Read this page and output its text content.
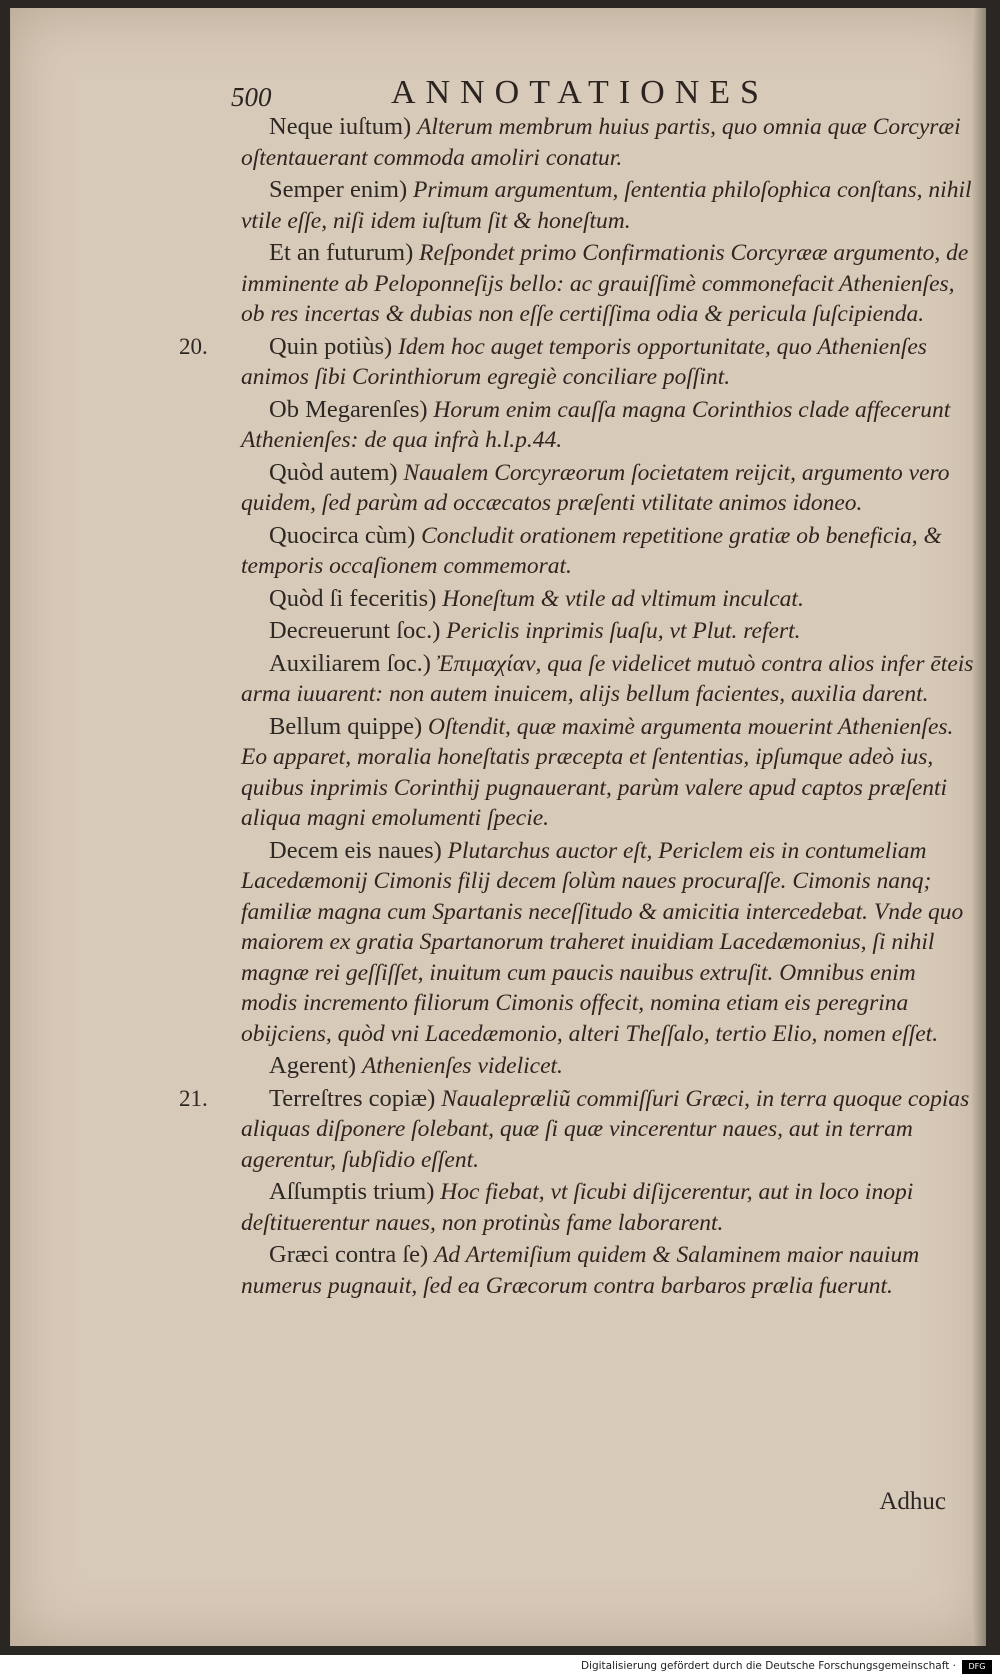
500	ANNOTATIONES

Neque iuſtum) Alterum membrum huius partis, quo omnia quæ Corcyræi oſtentauerant commoda amoliri conatur.

Semper enim) Primum argumentum, ſententia philoſophica conſtans, nihil vtile eſſe, niſi idem iuſtum ſit & honeſtum.

Et an futurum) Reſpondet primo Confirmationis Corcyrææ argumento, de imminente ab Peloponneſijs bello: ac grauiſſimè commonefacit Athenienſes, ob res incertas & dubias non eſſe certiſſima odia & pericula ſuſcipienda.

20.	Quin potiùs) Idem hoc auget temporis opportunitate, quo Athenienſes animos ſibi Corinthiorum egregiè conciliare poſſint.

Ob Megarenſes) Horum enim cauſſa magna Corinthios clade affecerunt Athenienſes: de qua infrà h.l.p.44.

Quòd autem) Naualem Corcyræorum ſocietatem reijcit, argumento vero quidem, ſed parùm ad occæcatos præſenti vtilitate animos idoneo.

Quocirca cùm) Concludit orationem repetitione gratiæ ob beneficia, & temporis occaſionem commemorat.

Quòd ſi feceritis) Honeſtum & vtile ad vltimum inculcat.

Decreuerunt ſoc.) Periclis inprimis ſuaſu, vt Plut. refert.

Auxiliarem ſoc.) Ἐπιμαχίαν, qua ſe videlicet mutuò contra alios infer ēteis arma iuuarent: non autem inuicem, alijs bellum facientes, auxilia darent.

Bellum quippe) Oſtendit, quæ maximè argumenta mouerint Athenienſes. Eo apparet, moralia honeſtatis præcepta et ſententias, ipſumque adeò ius, quibus inprimis Corinthij pugnauerant, parùm valere apud captos præſenti aliqua magni emolumenti ſpecie.

Decem eis naues) Plutarchus auctor eſt, Periclem eis in contumeliam Lacedæmonij Cimonis filij decem ſolùm naues procuraſſe. Cimonis nanq; familiæ magna cum Spartanis neceſſitudo & amicitia intercedebat. Vnde quo maiorem ex gratia Spartanorum traheret inuidiam Lacedæmonius, ſi nihil magnæ rei geſſiſſet, inuitum cum paucis nauibus extruſit. Omnibus enim modis incremento filiorum Cimonis offecit, nomina etiam eis peregrina obijciens, quòd vni Lacedæmonio, alteri Theſſalo, tertio Elio, nomen eſſet.

Agerent) Athenienſes videlicet.

21.	Terreſtres copiæ) Naualepræliũ commiſſuri Græci, in terra quoque copias aliquas diſponere ſolebant, quæ ſi quæ vincerentur naues, aut in terram agerentur, ſubſidio eſſent.

Aſſumptis trium) Hoc fiebat, vt ſicubi diſijcerentur, aut in loco inopi deſtituerentur naues, non protinùs fame laborarent.

Græci contra ſe) Ad Artemiſium quidem & Salaminem maior nauium numerus pugnauit, ſed ea Græcorum contra barbaros prælia fuerunt.

Adhuc
Digitalisierung gefördert durch die Deutsche Forschungsgemeinschaft ·	DFG
